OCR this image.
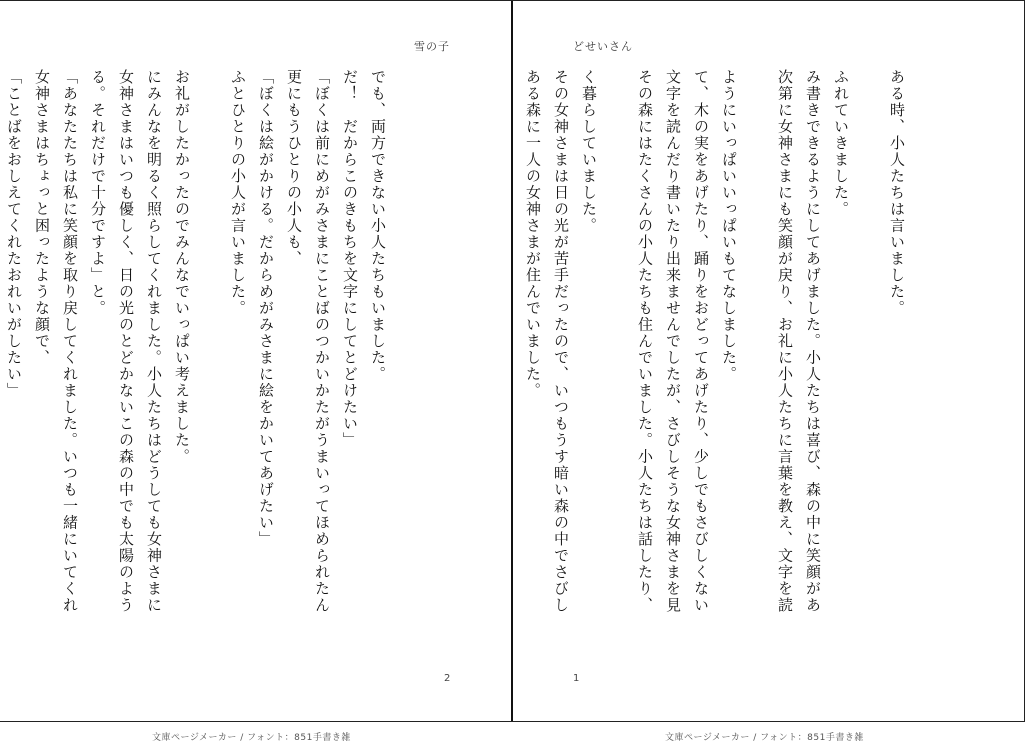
雪の子

でも、両方できない小人たちもいました。
だ！　だからこのきもちを文字にしてとどけたい」
「ぼくは前にめがみさまにことばのつかいかたがうまいってほめられたん
更にもうひとりの小人も、
「ぼくは絵がかける。だからめがみさまに絵をかいてあげたい」
ふとひとりの小人が言いました。

お礼がしたかったのでみんなでいっぱい考えました。
にみんなを明るく照らしてくれました。小人たちはどうしても女神さまに
女神さまはいつも優しく、日の光のとどかないこの森の中でも太陽のよう
る。それだけで十分ですよ」と。
「あなたたちは私に笑顔を取り戻してくれました。いつも一緒にいてくれ
女神さまはちょっと困ったような顔で、
「ことばをおしえてくれたおれいがしたい」

2
どせいさん

ある時、小人たちは言いました。

ふれていきました。
み書きできるようにしてあげました。小人たちは喜び、森の中に笑顔があ
次第に女神さまにも笑顔が戻り、お礼に小人たちに言葉を教え、文字を読

ようにいっぱいいっぱいもてなしました。
て、木の実をあげたり、踊りをおどってあげたり、少しでもさびしくない
文字を読んだり書いたり出来ませんでしたが、さびしそうな女神さまを見
その森にはたくさんの小人たちも住んでいました。小人たちは話したり、

く暮らしていました。
その女神さまは日の光が苦手だったので、いつもうす暗い森の中でさびし
ある森に一人の女神さまが住んでいました。

1
文庫ページメーカー / フォント：851手書き雑	文庫ページメーカー / フォント：851手書き雑
